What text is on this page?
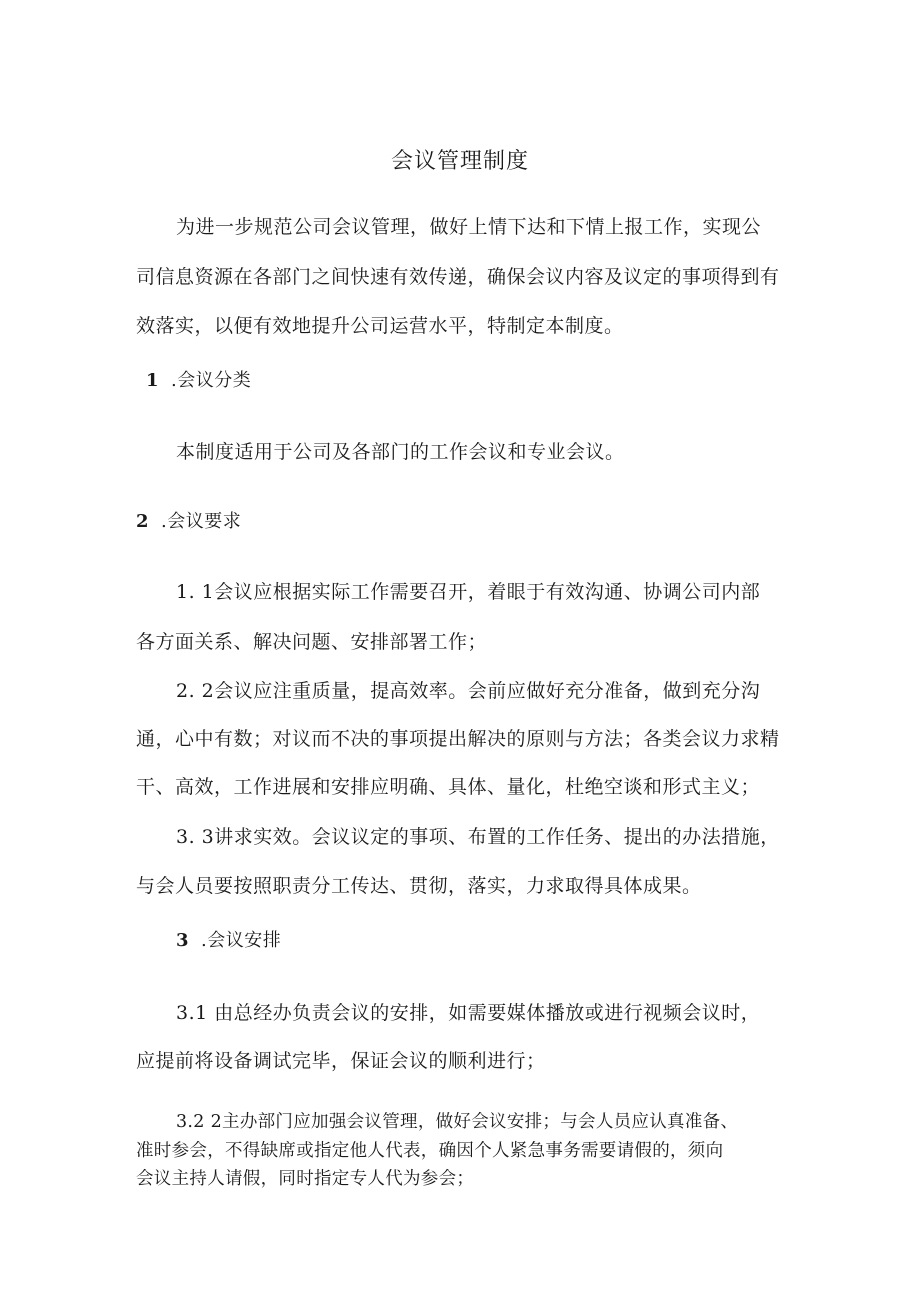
会议管理制度
为进一步规范公司会议管理，做好上情下达和下情上报工作，实现公
司信息资源在各部门之间快速有效传递，确保会议内容及议定的事项得到有
效落实，以便有效地提升公司运营水平，特制定本制度。
1 .会议分类
本制度适用于公司及各部门的工作会议和专业会议。
2 .会议要求
1. 1会议应根据实际工作需要召开，着眼于有效沟通、协调公司内部
各方面关系、解决问题、安排部署工作；
2. 2会议应注重质量，提高效率。会前应做好充分准备，做到充分沟
通，心中有数；对议而不决的事项提出解决的原则与方法；各类会议力求精
干、高效，工作进展和安排应明确、具体、量化，杜绝空谈和形式主义；
3. 3讲求实效。会议议定的事项、布置的工作任务、提出的办法措施，
与会人员要按照职责分工传达、贯彻，落实，力求取得具体成果。
3 .会议安排
3.1 由总经办负责会议的安排，如需要媒体播放或进行视频会议时，
应提前将设备调试完毕，保证会议的顺利进行；
3.2 2主办部门应加强会议管理，做好会议安排；与会人员应认真准备、
准时参会，不得缺席或指定他人代表，确因个人紧急事务需要请假的，须向
会议主持人请假，同时指定专人代为参会；
